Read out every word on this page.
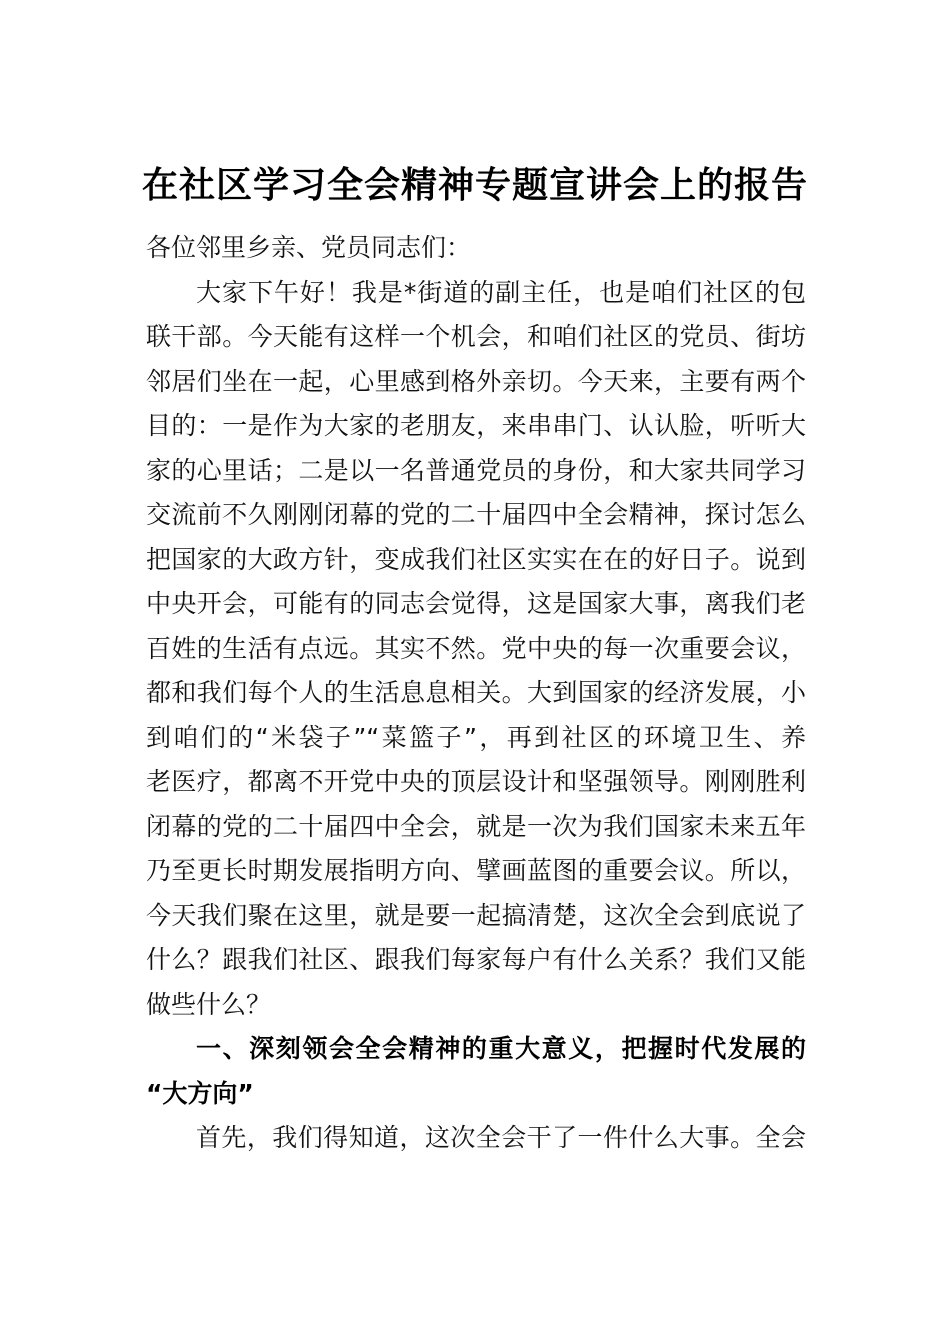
在社区学习全会精神专题宣讲会上的报告
各位邻里乡亲、党员同志们：
大家下午好！我是*街道的副主任，也是咱们社区的包
联干部。今天能有这样一个机会，和咱们社区的党员、街坊
邻居们坐在一起，心里感到格外亲切。今天来，主要有两个
目的：一是作为大家的老朋友，来串串门、认认脸，听听大
家的心里话；二是以一名普通党员的身份，和大家共同学习
交流前不久刚刚闭幕的党的二十届四中全会精神，探讨怎么
把国家的大政方针，变成我们社区实实在在的好日子。说到
中央开会，可能有的同志会觉得，这是国家大事，离我们老
百姓的生活有点远。其实不然。党中央的每一次重要会议，
都和我们每个人的生活息息相关。大到国家的经济发展，小
到咱们的“米袋子”“菜篮子”，再到社区的环境卫生、养
老医疗，都离不开党中央的顶层设计和坚强领导。刚刚胜利
闭幕的党的二十届四中全会，就是一次为我们国家未来五年
乃至更长时期发展指明方向、擘画蓝图的重要会议。所以，
今天我们聚在这里，就是要一起搞清楚，这次全会到底说了
什么？跟我们社区、跟我们每家每户有什么关系？我们又能
做些什么？
一、深刻领会全会精神的重大意义，把握时代发展的
“大方向”
首先，我们得知道，这次全会干了一件什么大事。全会
